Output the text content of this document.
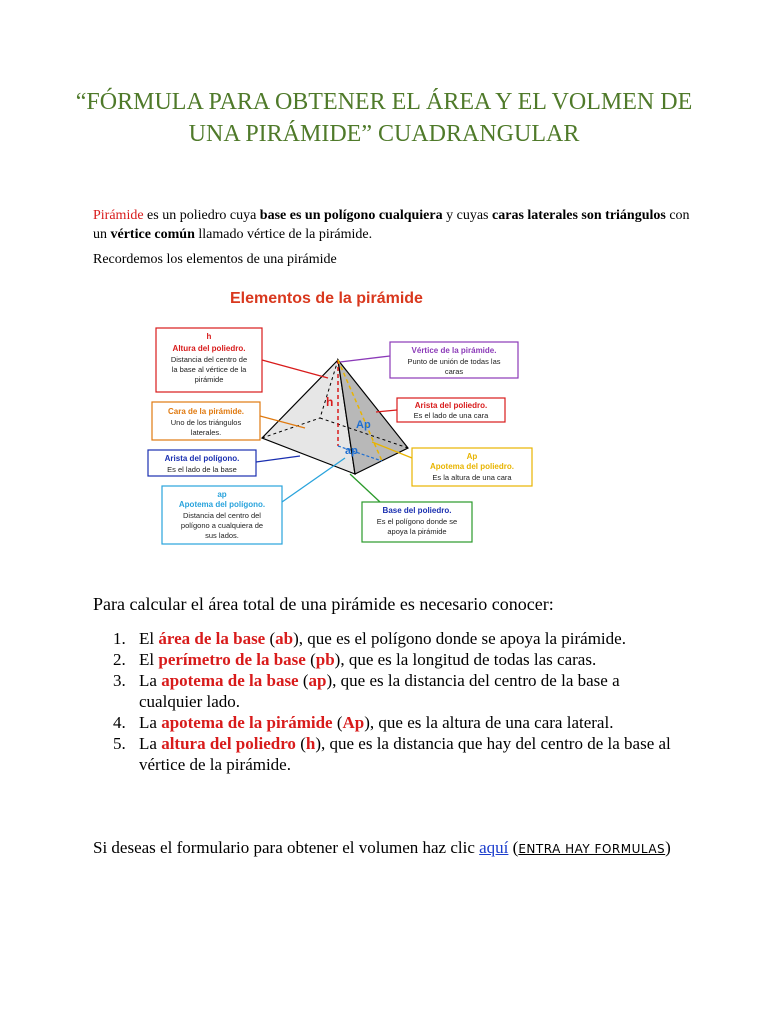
“FÓRMULA PARA OBTENER EL ÁREA Y EL VOLMEN DE UNA PIRÁMIDE” CUADRANGULAR

Pirámide es un poliedro cuya base es un polígono cualquiera y cuyas caras laterales son triángulos con un vértice común llamado vértice de la pirámide.

Recordemos los elementos de una pirámide
Elementos de la pirámide
h
Ap
ap
h
Altura del poliedro.
Distancia del centro de
la base al vértice de la
pirámide
Cara de la pirámide.
Uno de los triángulos
laterales.
Arista del polígono.
Es el lado de la base
ap
Apotema del polígono.
Distancia del centro del
polígono a cualquiera de
sus lados.
Vértice de la pirámide.
Punto de unión de todas las
caras
Arista del poliedro.
Es el lado de una cara
Ap
Apotema del poliedro.
Es la altura de una cara
Base del poliedro.
Es el polígono donde se
apoya la pirámide
Para calcular el área total de una pirámide es necesario conocer:
1. El área de la base (ab), que es el polígono donde se apoya la pirámide.
2. El perímetro de la base (pb), que es la longitud de todas las caras.
3. La apotema de la base (ap), que es la distancia del centro de la base a cualquier lado.
4. La apotema de la pirámide (Ap), que es la altura de una cara lateral.
5. La altura del poliedro (h), que es la distancia que hay del centro de la base al vértice de la pirámide.
Si deseas el formulario para obtener el volumen haz clic aquí (ENTRA HAY FORMULAS)
